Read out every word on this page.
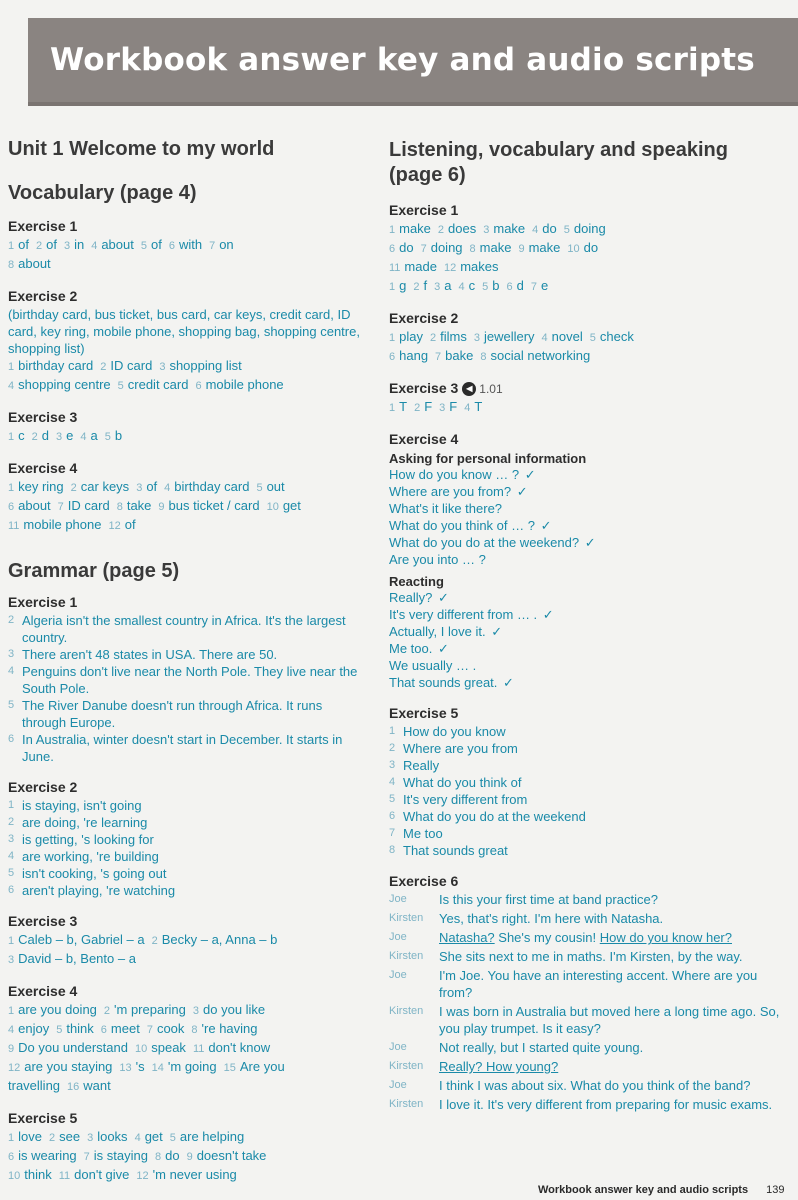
Workbook answer key and audio scripts
Unit 1 Welcome to my world
Vocabulary (page 4)
Exercise 1
1 of 2 of 3 in 4 about 5 of 6 with 7 on
8 about
Exercise 2
(birthday card, bus ticket, bus card, car keys, credit card, ID card, key ring, mobile phone, shopping bag, shopping centre, shopping list)
1 birthday card 2 ID card 3 shopping list
4 shopping centre 5 credit card 6 mobile phone
Exercise 3
1 c 2 d 3 e 4 a 5 b
Exercise 4
1 key ring 2 car keys 3 of 4 birthday card 5 out
6 about 7 ID card 8 take 9 bus ticket / card 10 get
11 mobile phone 12 of
Grammar (page 5)
Exercise 1
2 Algeria isn't the smallest country in Africa. It's the largest country.
3 There aren't 48 states in USA. There are 50.
4 Penguins don't live near the North Pole. They live near the South Pole.
5 The River Danube doesn't run through Africa. It runs through Europe.
6 In Australia, winter doesn't start in December. It starts in June.
Exercise 2
1 is staying, isn't going
2 are doing, 're learning
3 is getting, 's looking for
4 are working, 're building
5 isn't cooking, 's going out
6 aren't playing, 're watching
Exercise 3
1 Caleb – b, Gabriel – a 2 Becky – a, Anna – b
3 David – b, Bento – a
Exercise 4
1 are you doing 2 'm preparing 3 do you like
4 enjoy 5 think 6 meet 7 cook 8 're having
9 Do you understand 10 speak 11 don't know
12 are you staying 13 's 14 'm going 15 Are you
travelling 16 want
Exercise 5
1 love 2 see 3 looks 4 get 5 are helping
6 is wearing 7 is staying 8 do 9 doesn't take
10 think 11 don't give 12 'm never using
Listening, vocabulary and speaking (page 6)
Exercise 1
1 make 2 does 3 make 4 do 5 doing
6 do 7 doing 8 make 9 make 10 do
11 made 12 makes
1 g 2 f 3 a 4 c 5 b 6 d 7 e
Exercise 2
1 play 2 films 3 jewellery 4 novel 5 check
6 hang 7 bake 8 social networking
Exercise 3 ◀ 1.01
1 T 2 F 3 F 4 T
Exercise 4
Asking for personal information
How do you know … ? ✓
Where are you from? ✓
What's it like there?
What do you think of … ? ✓
What do you do at the weekend? ✓
Are you into … ?
Reacting
Really? ✓
It's very different from … . ✓
Actually, I love it. ✓
Me too. ✓
We usually … .
That sounds great. ✓
Exercise 5
1 How do you know
2 Where are you from
3 Really
4 What do you think of
5 It's very different from
6 What do you do at the weekend
7 Me too
8 That sounds great
Exercise 6
Joe	Is this your first time at band practice?
Kirsten	Yes, that's right. I'm here with Natasha.
Joe	Natasha? She's my cousin! How do you know her?
Kirsten	She sits next to me in maths. I'm Kirsten, by the way.
Joe	I'm Joe. You have an interesting accent. Where are you from?
Kirsten	I was born in Australia but moved here a long time ago. So, you play trumpet. Is it easy?
Joe	Not really, but I started quite young.
Kirsten	Really? How young?
Joe	I think I was about six. What do you think of the band?
Kirsten	I love it. It's very different from preparing for music exams.
Workbook answer key and audio scripts 139
